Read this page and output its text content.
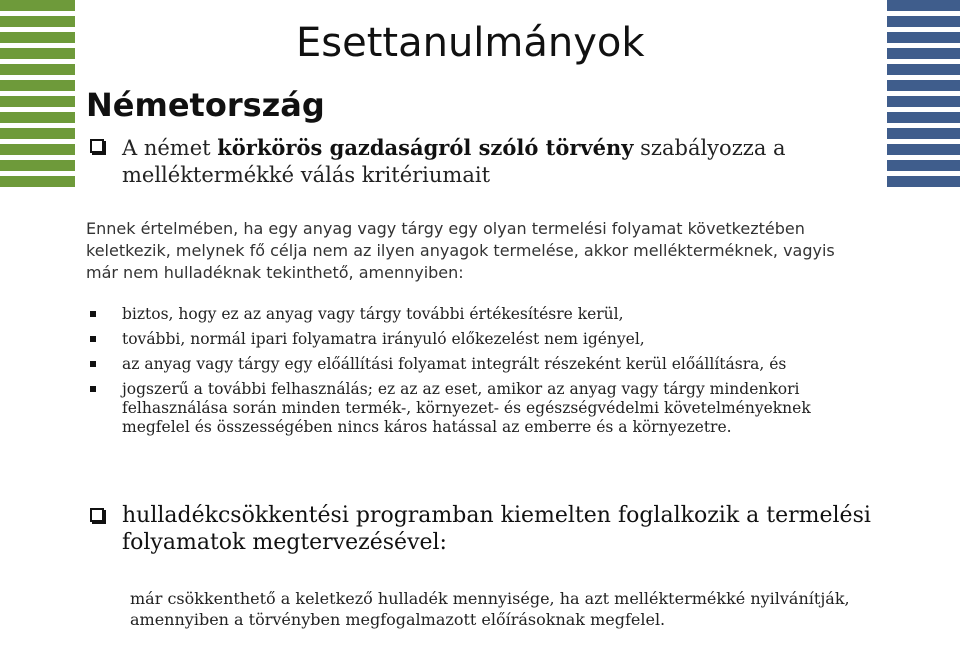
Esettanulmányok
Németország
A német körkörös gazdaságról szóló törvény szabályozza a melléktermékké válás kritériumait
Ennek értelmében, ha egy anyag vagy tárgy egy olyan termelési folyamat következtében keletkezik, melynek fő célja nem az ilyen anyagok termelése, akkor mellékterméknek, vagyis már nem hulladéknak tekinthető, amennyiben:
biztos, hogy ez az anyag vagy tárgy további értékesítésre kerül,
további, normál ipari folyamatra irányuló előkezelést nem igényel,
az anyag vagy tárgy egy előállítási folyamat integrált részeként kerül előállításra, és
jogszerű a további felhasználás; ez az az eset, amikor az anyag vagy tárgy mindenkori felhasználása során minden termék-, környezet- és egészségvédelmi követelményeknek megfelel és összességében nincs káros hatással az emberre és a környezetre.
hulladékcsökkentési programban kiemelten foglalkozik a termelési folyamatok megtervezésével:
már csökkenthető a keletkező hulladék mennyisége, ha azt melléktermékké nyilvánítják, amennyiben a törvényben megfogalmazott előírásoknak megfelel.
